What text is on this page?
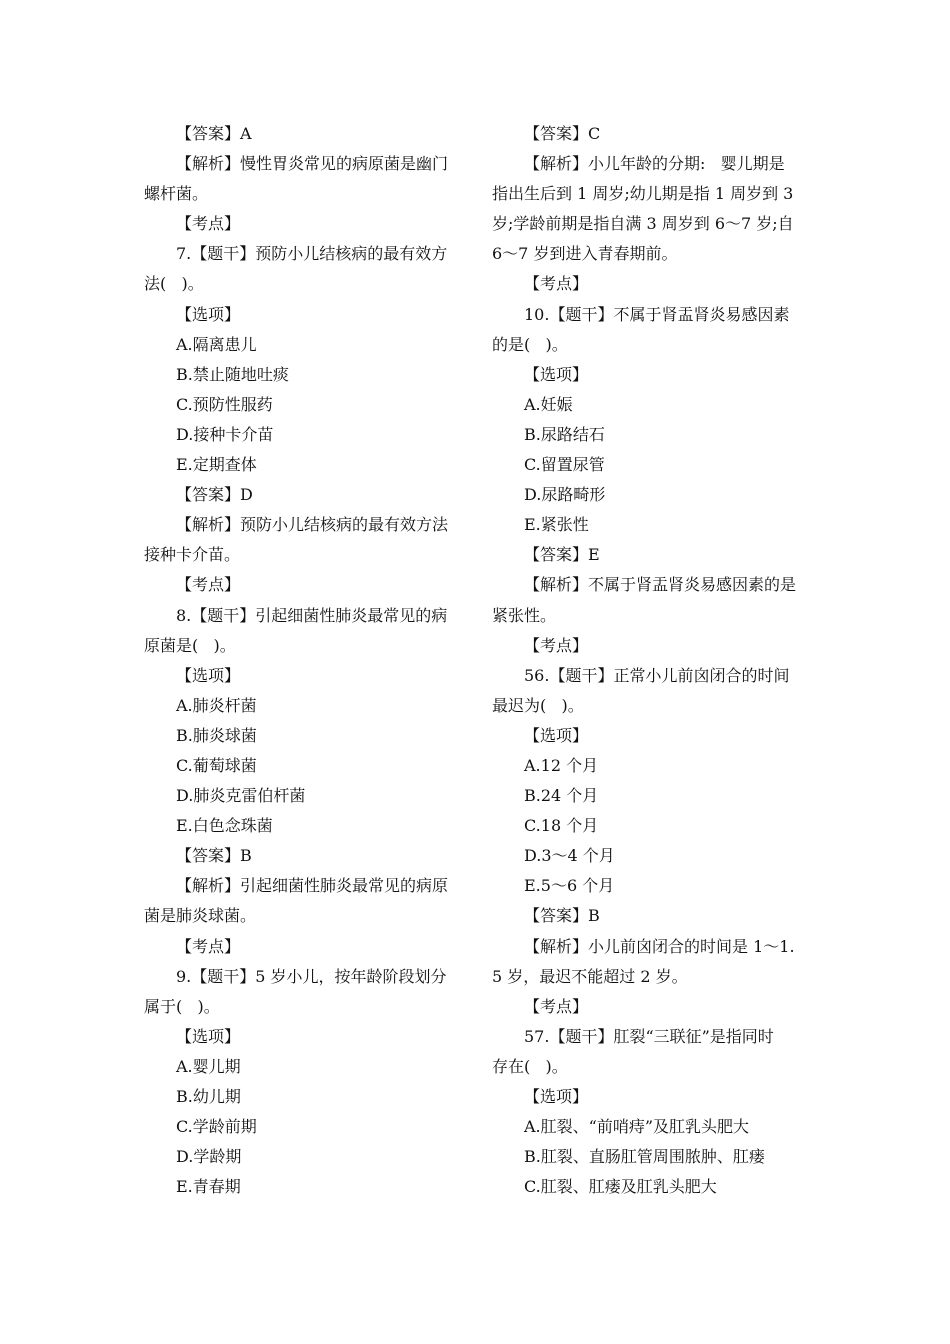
【答案】A
【解析】慢性胃炎常见的病原菌是幽门
螺杆菌。
【考点】
7.【题干】预防小儿结核病的最有效方
法(   )。
【选项】
A.隔离患儿
B.禁止随地吐痰
C.预防性服药
D.接种卡介苗
E.定期查体
【答案】D
【解析】预防小儿结核病的最有效方法
接种卡介苗。
【考点】
8.【题干】引起细菌性肺炎最常见的病
原菌是(   )。
【选项】
A.肺炎杆菌
B.肺炎球菌
C.葡萄球菌
D.肺炎克雷伯杆菌
E.白色念珠菌
【答案】B
【解析】引起细菌性肺炎最常见的病原
菌是肺炎球菌。
【考点】
9.【题干】5 岁小儿，按年龄阶段划分
属于(   )。
【选项】
A.婴儿期
B.幼儿期
C.学龄前期
D.学龄期
E.青春期
【答案】C
【解析】小儿年龄的分期:   婴儿期是
指出生后到 1 周岁;幼儿期是指 1 周岁到 3
岁;学龄前期是指自满 3 周岁到 6～7 岁;自
6～7 岁到进入青春期前。
【考点】
10.【题干】不属于肾盂肾炎易感因素
的是(   )。
【选项】
A.妊娠
B.尿路结石
C.留置尿管
D.尿路畸形
E.紧张性
【答案】E
【解析】不属于肾盂肾炎易感因素的是
紧张性。
【考点】
56.【题干】正常小儿前囟闭合的时间
最迟为(   )。
【选项】
A.12 个月
B.24 个月
C.18 个月
D.3～4 个月
E.5～6 个月
【答案】B
【解析】小儿前囟闭合的时间是 1～1.
5 岁，最迟不能超过 2 岁。
【考点】
57.【题干】肛裂“三联征”是指同时
存在(   )。
【选项】
A.肛裂、“前哨痔”及肛乳头肥大
B.肛裂、直肠肛管周围脓肿、肛瘘
C.肛裂、肛瘘及肛乳头肥大
